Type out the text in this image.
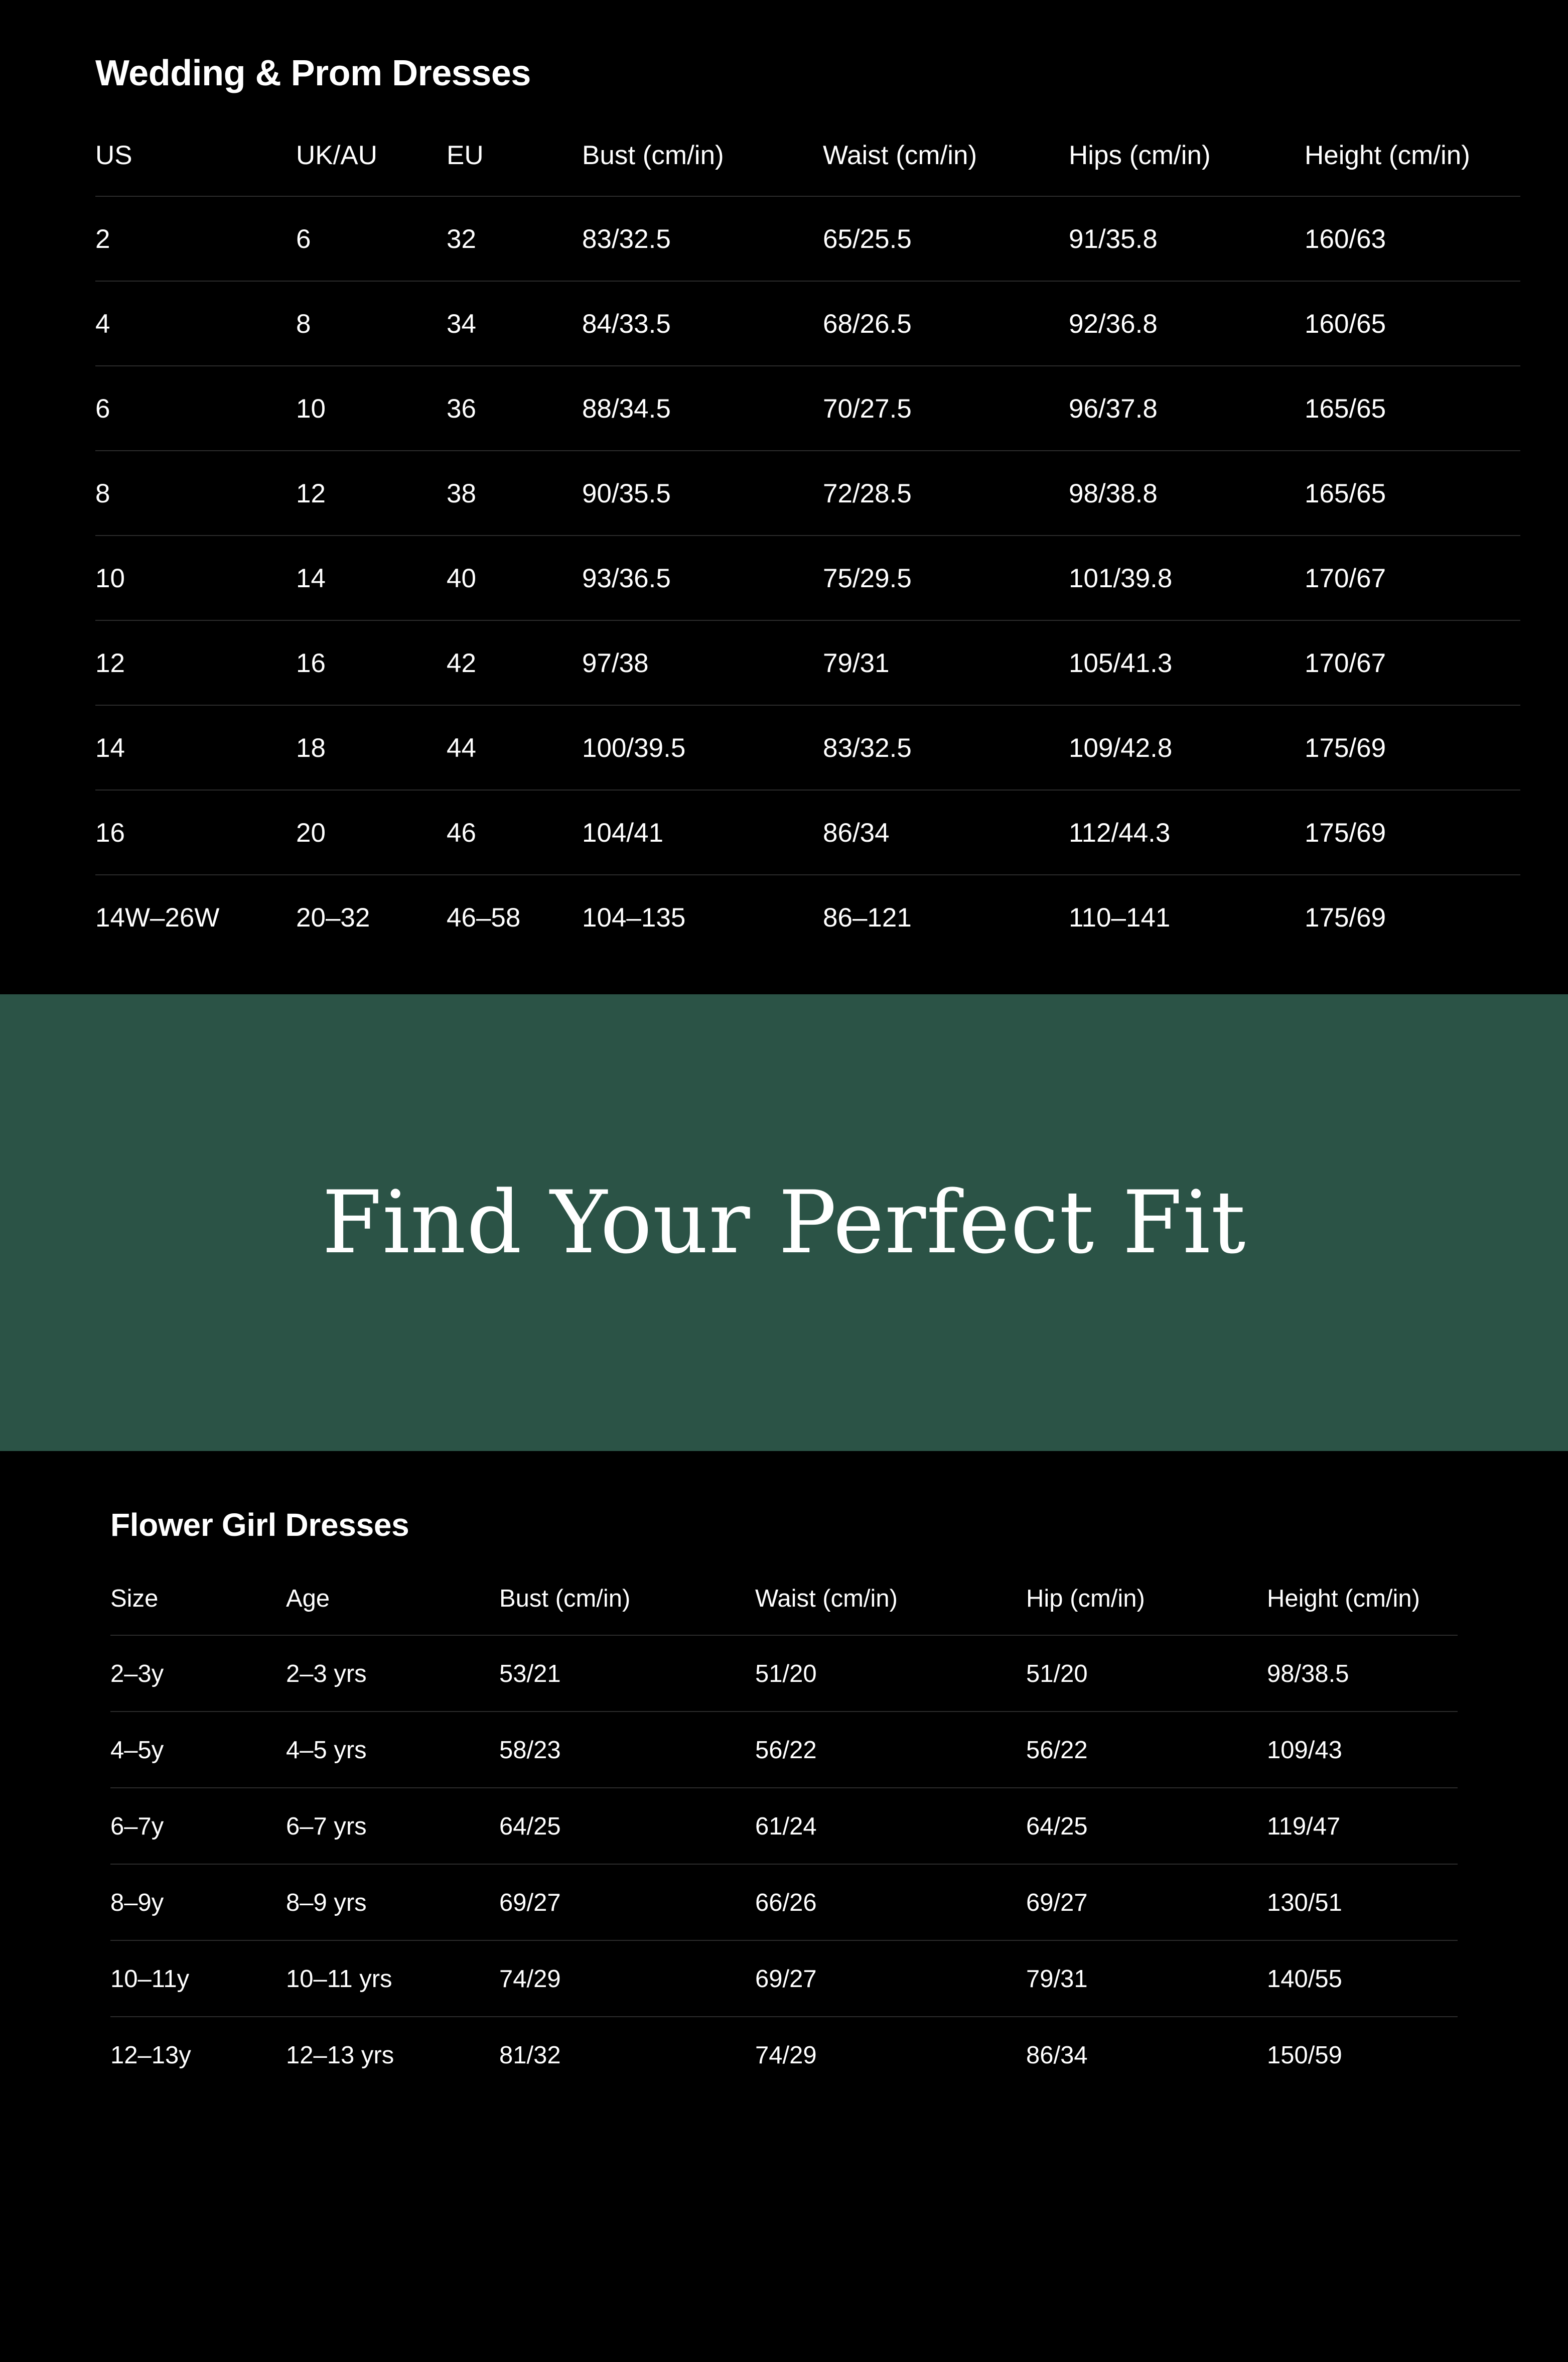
Wedding & Prom Dresses
US	UK/AU	EU	Bust (cm/in)	Waist (cm/in)	Hips (cm/in)	Height (cm/in)
2	6	32	83/32.5	65/25.5	91/35.8	160/63
4	8	34	84/33.5	68/26.5	92/36.8	160/65
6	10	36	88/34.5	70/27.5	96/37.8	165/65
8	12	38	90/35.5	72/28.5	98/38.8	165/65
10	14	40	93/36.5	75/29.5	101/39.8	170/67
12	16	42	97/38	79/31	105/41.3	170/67
14	18	44	100/39.5	83/32.5	109/42.8	175/69
16	20	46	104/41	86/34	112/44.3	175/69
14W–26W	20–32	46–58	104–135	86–121	110–141	175/69
Find Your Perfect Fit
Flower Girl Dresses
Size	Age	Bust (cm/in)	Waist (cm/in)	Hip (cm/in)	Height (cm/in)
2–3y	2–3 yrs	53/21	51/20	51/20	98/38.5
4–5y	4–5 yrs	58/23	56/22	56/22	109/43
6–7y	6–7 yrs	64/25	61/24	64/25	119/47
8–9y	8–9 yrs	69/27	66/26	69/27	130/51
10–11y	10–11 yrs	74/29	69/27	79/31	140/55
12–13y	12–13 yrs	81/32	74/29	86/34	150/59
